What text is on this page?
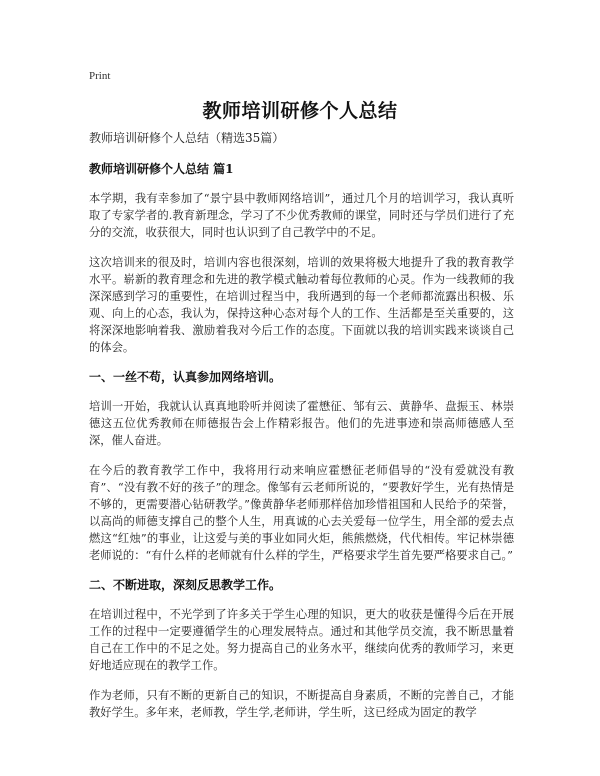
Print
教师培训研修个人总结

教师培训研修个人总结（精选35篇）

教师培训研修个人总结 篇1

本学期，我有幸参加了“景宁县中教师网络培训”，通过几个月的培训学习，我认真听取了专家学者的.教育新理念，学习了不少优秀教师的课堂，同时还与学员们进行了充分的交流，收获很大，同时也认识到了自己教学中的不足。

这次培训来的很及时，培训内容也很深刻，培训的效果将极大地提升了我的教育教学水平。崭新的教育理念和先进的教学模式触动着每位教师的心灵。作为一线教师的我深深感到学习的重要性，在培训过程当中，我所遇到的每一个老师都流露出积极、乐观、向上的心态，我认为，保持这种心态对每个人的工作、生活都是至关重要的，这将深深地影响着我、激励着我对今后工作的态度。下面就以我的培训实践来谈谈自己的体会。

一、一丝不苟，认真参加网络培训。

培训一开始，我就认认真真地聆听并阅读了霍懋征、邹有云、黄静华、盘振玉、林崇德这五位优秀教师在师德报告会上作精彩报告。他们的先进事迹和崇高师德感人至深，催人奋进。

在今后的教育教学工作中，我将用行动来响应霍懋征老师倡导的“没有爱就没有教育”、“没有教不好的孩子”的理念。像邹有云老师所说的，“要教好学生，光有热情是不够的，更需要潜心钻研教学。”像黄静华老师那样倍加珍惜祖国和人民给予的荣誉，以高尚的师德支撑自己的整个人生，用真诚的心去关爱每一位学生，用全部的爱去点燃这“红烛”的事业，让这爱与美的事业如同火炬，熊熊燃烧，代代相传。牢记林崇德老师说的：“有什么样的老师就有什么样的学生，严格要求学生首先要严格要求自己。”

二、不断进取，深刻反思教学工作。

在培训过程中，不光学到了许多关于学生心理的知识，更大的收获是懂得今后在开展工作的过程中一定要遵循学生的心理发展特点。通过和其他学员交流，我不断思量着自己在工作中的不足之处。努力提高自己的业务水平，继续向优秀的教师学习，来更好地适应现在的教学工作。

作为老师，只有不断的更新自己的知识，不断提高自身素质，不断的完善自己，才能教好学生。多年来，老师教，学生学,老师讲，学生听，这已经成为固定的教学
